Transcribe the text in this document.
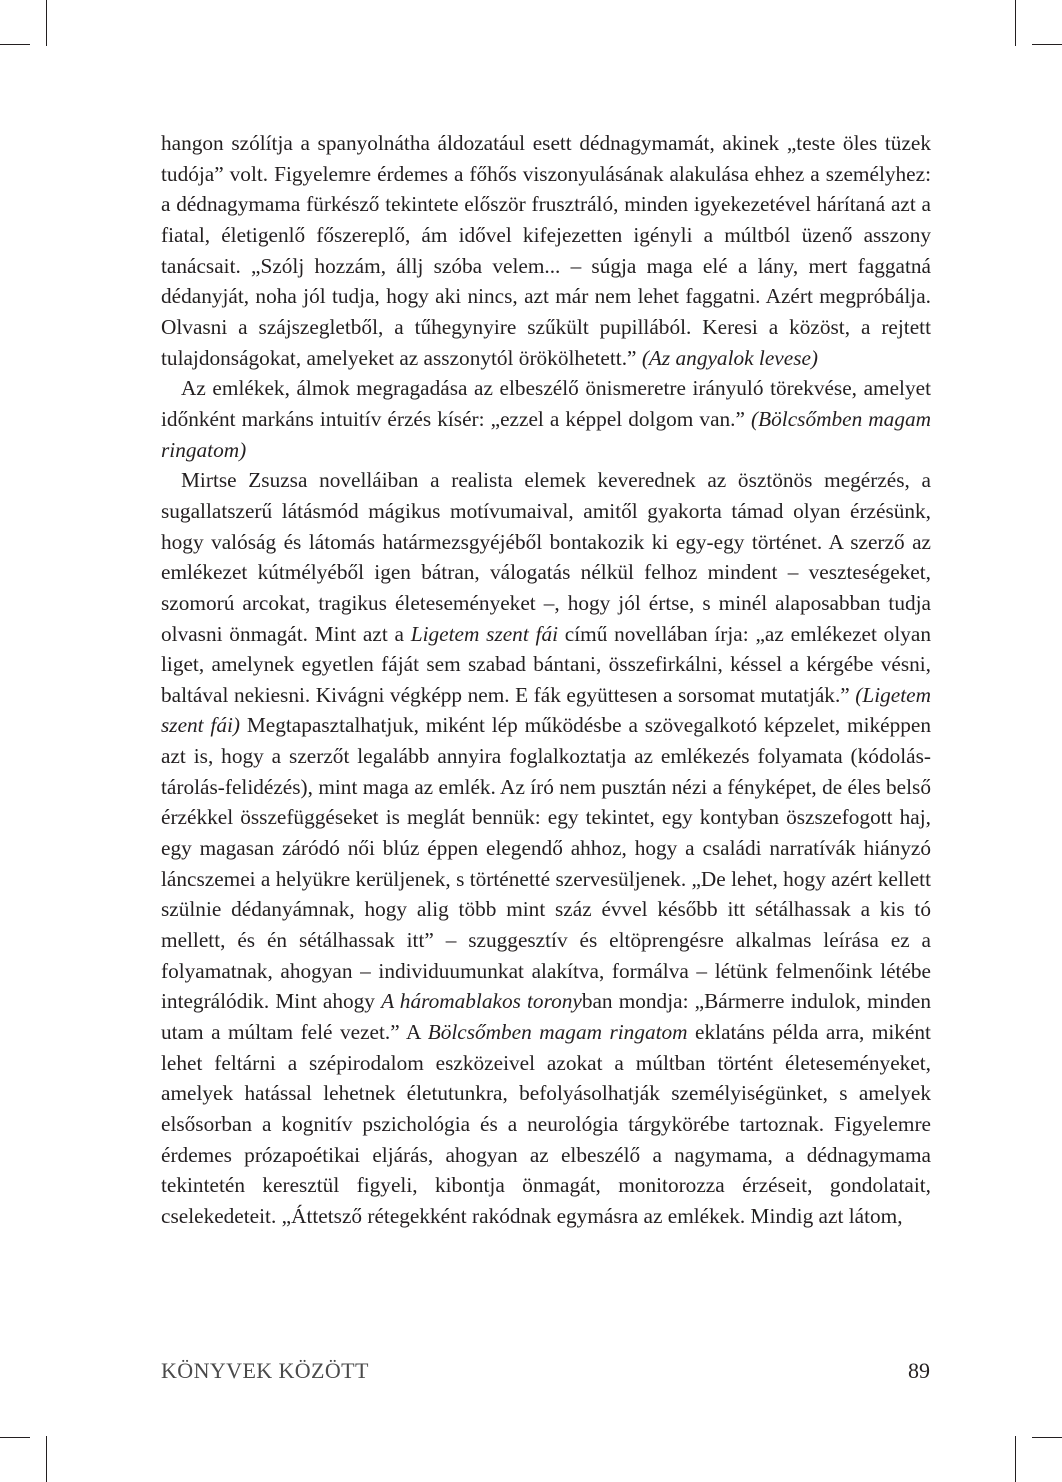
hangon szólítja a spanyolnátha áldozatául esett dédnagymamát, akinek „teste öles tüzek tudója” volt. Figyelemre érdemes a főhős viszonyulásának alakulása ehhez a személyhez: a dédnagymama fürkésző tekintete először frusztráló, minden igyekezetével hárítaná azt a fiatal, életigenlő főszereplő, ám idővel kifejezetten igényli a múltból üzenő asszony tanácsait. „Szólj hozzám, állj szóba velem... – súgja maga elé a lány, mert faggatná dédanyját, noha jól tudja, hogy aki nincs, azt már nem lehet faggatni. Azért megpróbálja. Olvasni a szájszegletből, a tűhegynyire szűkült pupillából. Keresi a közöst, a rejtett tulajdonságokat, amelyeket az asszonytól örökölhetett.” (Az angyalok levese)

Az emlékek, álmok megragadása az elbeszélő önismeretre irányuló törekvése, amelyet időnként markáns intuitív érzés kísér: „ezzel a képpel dolgom van.” (Bölcsőmben magam ringatom)

Mirtse Zsuzsa novelláiban a realista elemek keverednek az ösztönös megérzés, a sugallatszerű látásmód mágikus motívumaival, amitől gyakorta támad olyan érzésünk, hogy valóság és látomás határmezsgyéjéből bontakozik ki egy-egy történet. A szerző az emlékezet kútmélyéből igen bátran, válogatás nélkül felhoz mindent – veszteségeket, szomorú arcokat, tragikus életeseményeket –, hogy jól értse, s minél alaposabban tudja olvasni önmagát. Mint azt a Ligetem szent fái című novellában írja: „az emlékezet olyan liget, amelynek egyetlen fáját sem szabad bántani, összefirkálni, késsel a kérgébe vésni, baltával nekiesni. Kivágni végképp nem. E fák együttesen a sorsomat mutatják.” (Ligetem szent fái) Megtapasztalhatjuk, miként lép működésbe a szövegalkotó képzelet, miképpen azt is, hogy a szerzőt legalább annyira foglalkoztatja az emlékezés folyamata (kódolás-tárolás-felidézés), mint maga az emlék. Az író nem pusztán nézi a fényképet, de éles belső érzékkel összefüggéseket is meglát bennük: egy tekintet, egy kontyban öszszefogott haj, egy magasan záródó női blúz éppen elegendő ahhoz, hogy a családi narratívák hiányzó láncszemei a helyükre kerüljenek, s történetté szervesüljenek. „De lehet, hogy azért kellett szülnie dédanyámnak, hogy alig több mint száz évvel később itt sétálhassak a kis tó mellett, és én sétálhassak itt” – szuggesztív és eltöprengésre alkalmas leírása ez a folyamatnak, ahogyan – individuumunkat alakítva, formálva – létünk felmenőink létébe integrálódik. Mint ahogy A háromablakos toronyban mondja: „Bármerre indulok, minden utam a múltam felé vezet.” A Bölcsőmben magam ringatom eklatáns példa arra, miként lehet feltárni a szépirodalom eszközeivel azokat a múltban történt életeseményeket, amelyek hatással lehetnek életutunkra, befolyásolhatják személyiségünket, s amelyek elsősorban a kognitív pszichológia és a neurológia tárgykörébe tartoznak. Figyelemre érdemes prózapoétikai eljárás, ahogyan az elbeszélő a nagymama, a dédnagymama tekintetén keresztül figyeli, kibontja önmagát, monitorozza érzéseit, gondolatait, cselekedeteit. „Áttetsző rétegekként rakódnak egymásra az emlékek. Mindig azt látom,

KÖNYVEK KÖZÖTT	89
